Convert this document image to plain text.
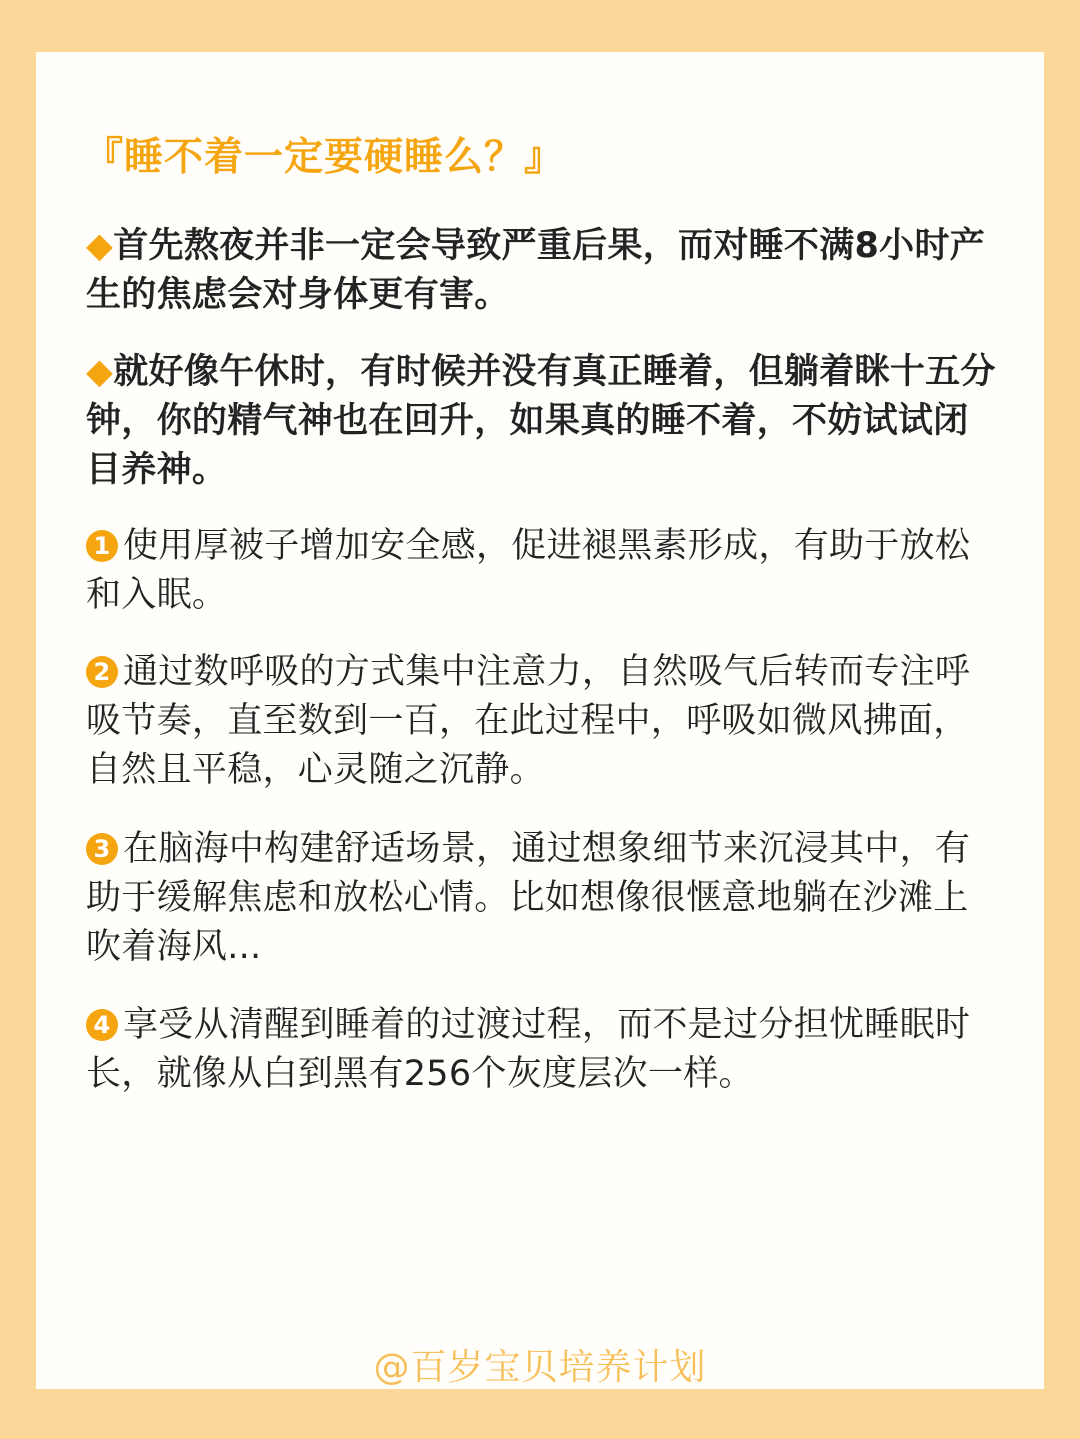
『睡不着一定要硬睡么？』
◆首先熬夜并非一定会导致严重后果，而对睡不满8小时产生的焦虑会对身体更有害。
◆就好像午休时，有时候并没有真正睡着，但躺着眯十五分钟，你的精气神也在回升，如果真的睡不着，不妨试试闭目养神。
1 使用厚被子增加安全感，促进褪黑素形成，有助于放松和入眠。
2 通过数呼吸的方式集中注意力，自然吸气后转而专注呼吸节奏，直至数到一百，在此过程中，呼吸如微风拂面，自然且平稳，心灵随之沉静。
3 在脑海中构建舒适场景，通过想象细节来沉浸其中，有助于缓解焦虑和放松心情。比如想像很惬意地躺在沙滩上吹着海风...
4 享受从清醒到睡着的过渡过程，而不是过分担忧睡眠时长，就像从白到黑有256个灰度层次一样。
@百岁宝贝培养计划
